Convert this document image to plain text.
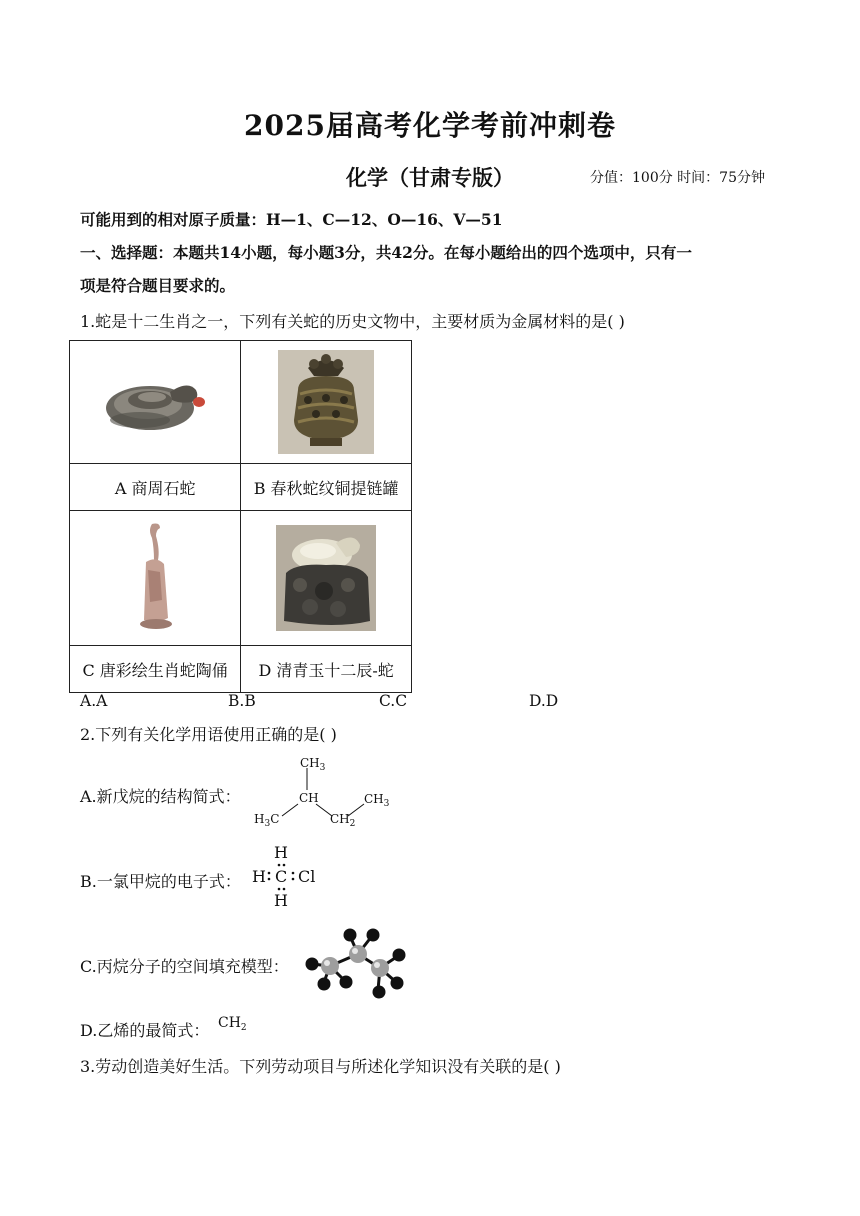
2025届高考化学考前冲刺卷
化学（甘肃专版）	分值：100分 时间：75分钟
可能用到的相对原子质量：H—1、C—12、O—16、V—51
一、选择题：本题共14小题，每小题3分，共42分。在每小题给出的四个选项中，只有一
项是符合题目要求的。
1.蛇是十二生肖之一，下列有关蛇的历史文物中，主要材质为金属材料的是( )

A 商周石蛇	B 春秋蛇纹铜提链罐

C 唐彩绘生肖蛇陶俑	D 清青玉十二辰-蛇
A.A	B.B	C.C	D.D
2.下列有关化学用语使用正确的是( )
A.新戊烷的结构简式：
$CH_3$
CH	$CH_3$
$H_3C$	$CH_2$
B.一氯甲烷的电子式：
H
H C Cl
H
C.丙烷分子的空间填充模型：
D.乙烯的最简式： $CH_2$
3.劳动创造美好生活。下列劳动项目与所述化学知识没有关联的是( )
